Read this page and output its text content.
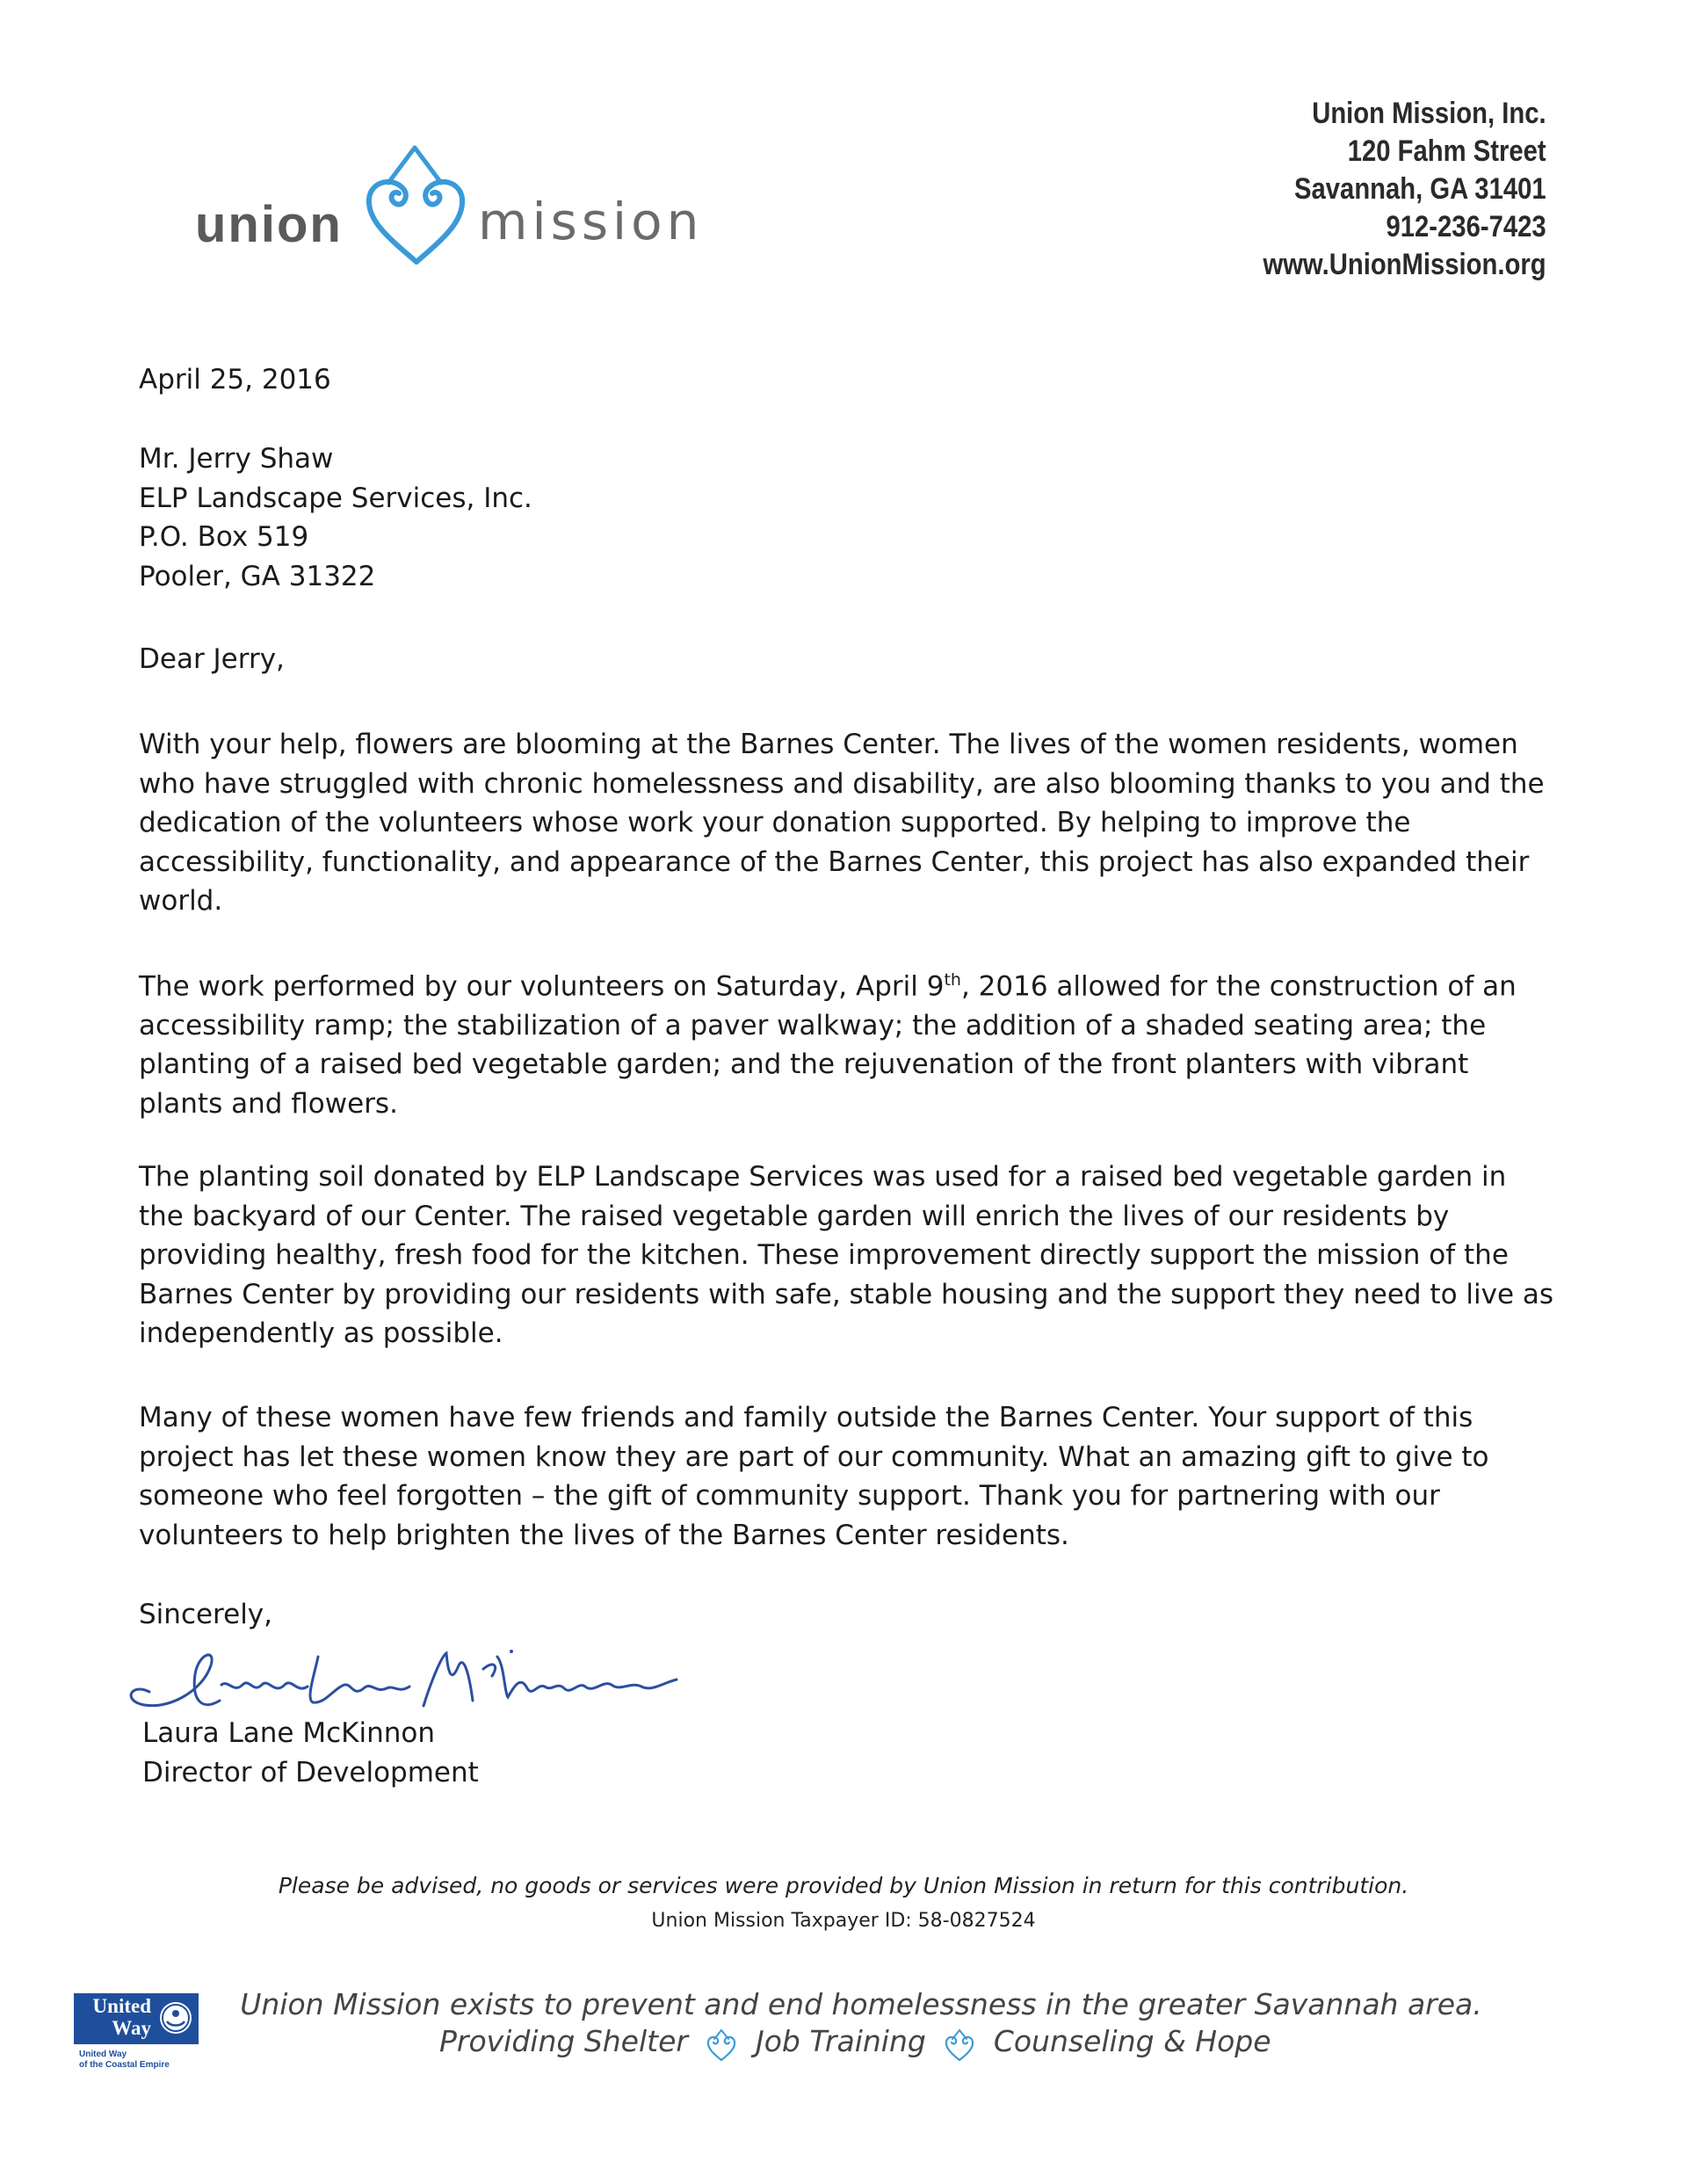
union	mission
Union Mission, Inc.
120 Fahm Street
Savannah, GA 31401
912-236-7423
www.UnionMission.org
April 25, 2016
Mr. Jerry Shaw
ELP Landscape Services, Inc.
P.O. Box 519
Pooler, GA 31322
Dear Jerry,
With your help, flowers are blooming at the Barnes Center. The lives of the women residents, women who have struggled with chronic homelessness and disability, are also blooming thanks to you and the dedication of the volunteers whose work your donation supported. By helping to improve the accessibility, functionality, and appearance of the Barnes Center, this project has also expanded their world.
The work performed by our volunteers on Saturday, April 9th, 2016 allowed for the construction of an accessibility ramp; the stabilization of a paver walkway; the addition of a shaded seating area; the planting of a raised bed vegetable garden; and the rejuvenation of the front planters with vibrant plants and flowers.
The planting soil donated by ELP Landscape Services was used for a raised bed vegetable garden in the backyard of our Center. The raised vegetable garden will enrich the lives of our residents by providing healthy, fresh food for the kitchen. These improvement directly support the mission of the Barnes Center by providing our residents with safe, stable housing and the support they need to live as independently as possible.
Many of these women have few friends and family outside the Barnes Center. Your support of this project has let these women know they are part of our community. What an amazing gift to give to someone who feel forgotten – the gift of community support. Thank you for partnering with our volunteers to help brighten the lives of the Barnes Center residents.
Sincerely,
Laura Lane McKinnon
Director of Development
Please be advised, no goods or services were provided by Union Mission in return for this contribution.
Union Mission Taxpayer ID: 58-0827524
United
Way
United Way
of the Coastal Empire
Union Mission exists to prevent and end homelessness in the greater Savannah area.
Providing Shelter Job Training Counseling & Hope
